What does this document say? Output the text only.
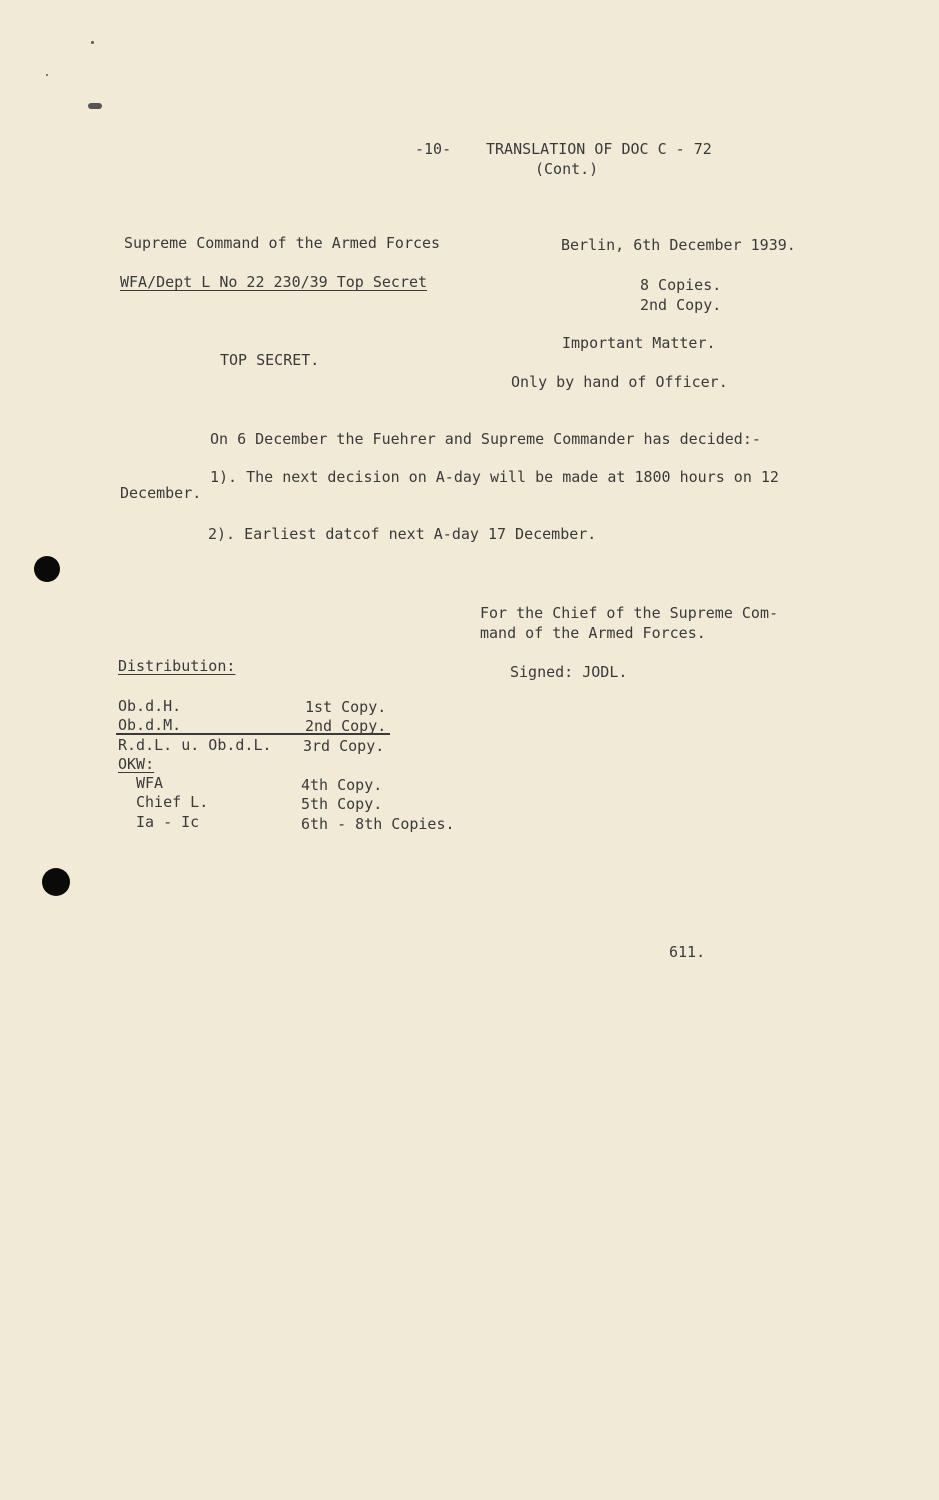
-10- TRANSLATION OF DOC C - 72
(Cont.)
Supreme Command of the Armed Forces
WFA/Dept L No 22 230/39 Top Secret
TOP SECRET.
Berlin, 6th December 1939.
8 Copies.
2nd Copy.
Important Matter.
Only by hand of Officer.
On 6 December the Fuehrer and Supreme Commander has decided:-
1). The next decision on A-day will be made at 1800 hours on 12
December.
2). Earliest datcof next A-day 17 December.
For the Chief of the Supreme Com-
mand of the Armed Forces.
Signed: JODL.
Distribution:
Ob.d.H.	1st Copy.
Ob.d.M.	2nd Copy.
R.d.L. u. Ob.d.L. 3rd Copy.
OKW:
WFA	4th Copy.
Chief L.	5th Copy.
Ia - Ic	6th - 8th Copies.
611.
